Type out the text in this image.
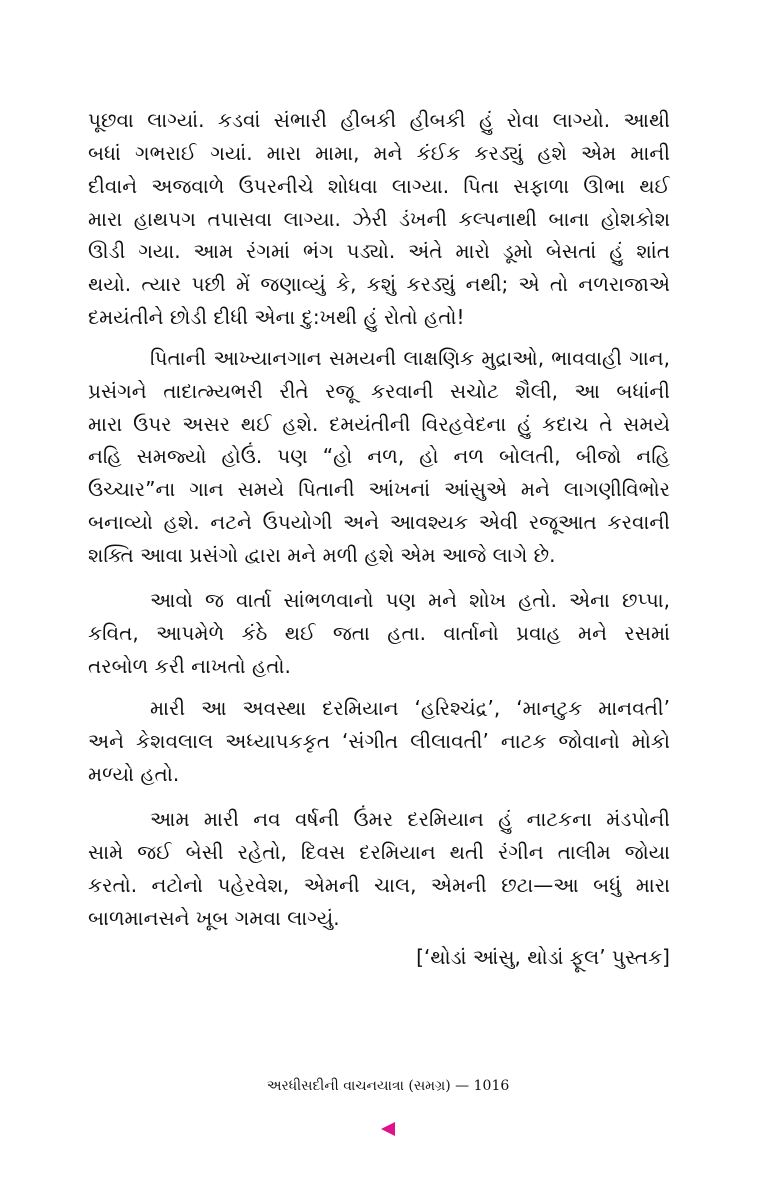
પૂછવા લાગ્યાં. કડવાં સંભારી હીબકી હીબકી હું રોવા લાગ્યો. આથી
બધાં ગભરાઈ ગયાં. મારા મામા, મને કંઈક કરડ્યું હશે એમ માની
દીવાને અજવાળે ઉપરનીચે શોધવા લાગ્યા. પિતા સફાળા ઊભા થઈ
મારા હાથપગ તપાસવા લાગ્યા. ઝેરી ડંખની કલ્પનાથી બાના હોશકોશ
ઊડી ગયા. આમ રંગમાં ભંગ પડ્યો. અંતે મારો ડૂમો બેસતાં હું શાંત
થયો. ત્યાર પછી મેં જણાવ્યું કે, કશું કરડ્યું નથી; એ તો નળરાજાએ
દમયંતીને છોડી દીધી એના દુ:ખથી હું રોતો હતો!
પિતાની આખ્યાનગાન સમયની લાક્ષણિક મુદ્રાઓ, ભાવવાહી ગાન,
પ્રસંગને તાદાત્મ્યભરી રીતે રજૂ કરવાની સચોટ શૈલી, આ બધાંની
મારા ઉપર અસર થઈ હશે. દમયંતીની વિરહવેદના હું કદાચ તે સમયે
નહિ સમજ્યો હોઉં. પણ “હો નળ, હો નળ બોલતી, બીજો નહિ
ઉચ્ચાર”ના ગાન સમયે પિતાની આંખનાં આંસુએ મને લાગણીવિભોર
બનાવ્યો હશે. નટને ઉપયોગી અને આવશ્યક એવી રજૂઆત કરવાની
શક્તિ આવા પ્રસંગો દ્વારા મને મળી હશે એમ આજે લાગે છે.
આવો જ વાર્તા સાંભળવાનો પણ મને શોખ હતો. એના છપ્પા,
કવિત, આપમેળે કંઠે થઈ જતા હતા. વાર્તાનો પ્રવાહ મને રસમાં
તરબોળ કરી નાખતો હતો.
મારી આ અવસ્થા દરમિયાન ‘હરિશ્ચંદ્ર’, ‘માનટુક માનવતી’
અને કેશવલાલ અધ્યાપકકૃત ‘સંગીત લીલાવતી’ નાટક જોવાનો મોકો
મળ્યો હતો.
આમ મારી નવ વર્ષની ઉંમર દરમિયાન હું નાટકના મંડપોની
સામે જઈ બેસી રહેતો, દિવસ દરમિયાન થતી રંગીન તાલીમ જોયા
કરતો. નટોનો પહેરવેશ, એમની ચાલ, એમની છટા—આ બધું મારા
બાળમાનસને ખૂબ ગમવા લાગ્યું.
[‘થોડાં આંસુ, થોડાં ફૂલ’ પુસ્તક]
અરધીસદીની વાચનયાત્રા (સમગ્ર) — 1016
